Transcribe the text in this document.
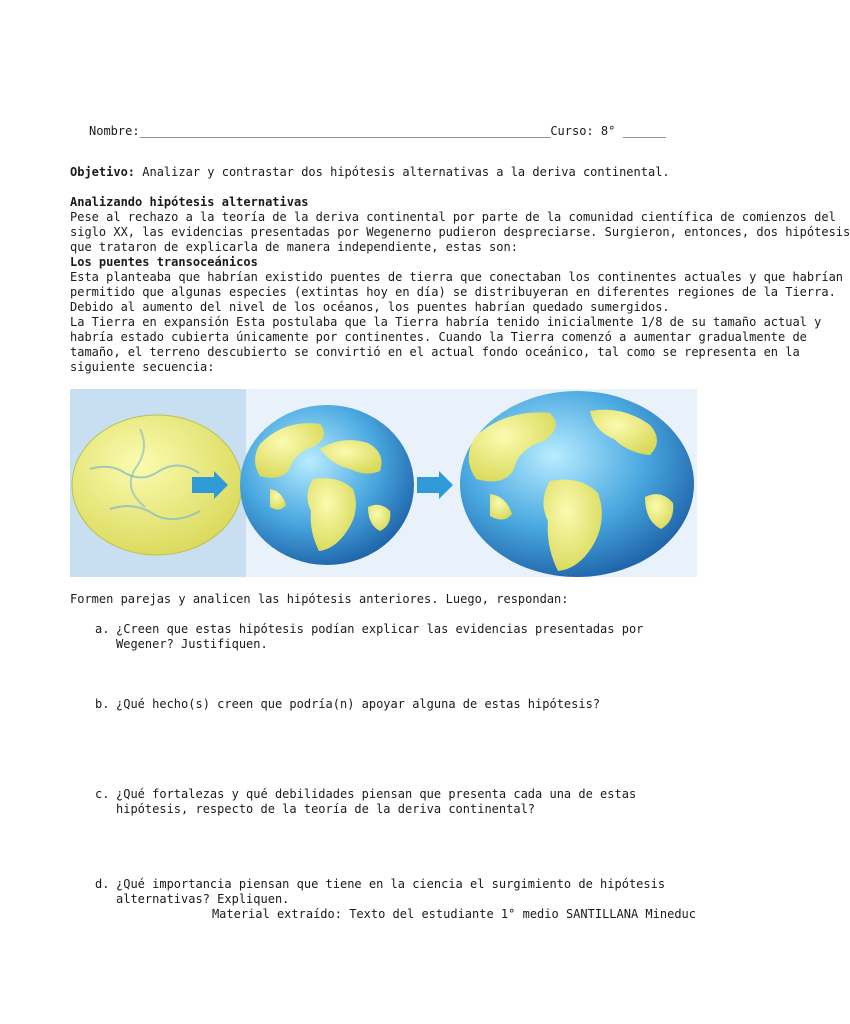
Nombre:______________________________________________________________Curso: 8° ______
Objetivo: Analizar y contrastar dos hipótesis alternativas a la deriva continental.
Analizando hipótesis alternativas
Pese al rechazo a la teoría de la deriva continental por parte de la comunidad científica de comienzos del
siglo XX, las evidencias presentadas por Wegenerno pudieron despreciarse. Surgieron, entonces, dos hipótesis
que trataron de explicarla de manera independiente, estas son:
Los puentes transoceánicos
Esta planteaba que habrían existido puentes de tierra que conectaban los continentes actuales y que habrían
permitido que algunas especies (extintas hoy en día) se distribuyeran en diferentes regiones de la Tierra.
Debido al aumento del nivel de los océanos, los puentes habrían quedado sumergidos.
La Tierra en expansión Esta postulaba que la Tierra habría tenido inicialmente 1/8 de su tamaño actual y
habría estado cubierta únicamente por continentes. Cuando la Tierra comenzó a aumentar gradualmente de
tamaño, el terreno descubierto se convirtió en el actual fondo oceánico, tal como se representa en la
siguiente secuencia:
Formen parejas y analicen las hipótesis anteriores. Luego, respondan:
a. ¿Creen que estas hipótesis podían explicar las evidencias presentadas por Wegener? Justifiquen.
b. ¿Qué hecho(s) creen que podría(n) apoyar alguna de estas hipótesis?
c. ¿Qué fortalezas y qué debilidades piensan que presenta cada una de estas hipótesis, respecto de la teoría de la deriva continental?
d. ¿Qué importancia piensan que tiene en la ciencia el surgimiento de hipótesis alternativas? Expliquen.
Material extraído: Texto del estudiante 1° medio SANTILLANA Mineduc
